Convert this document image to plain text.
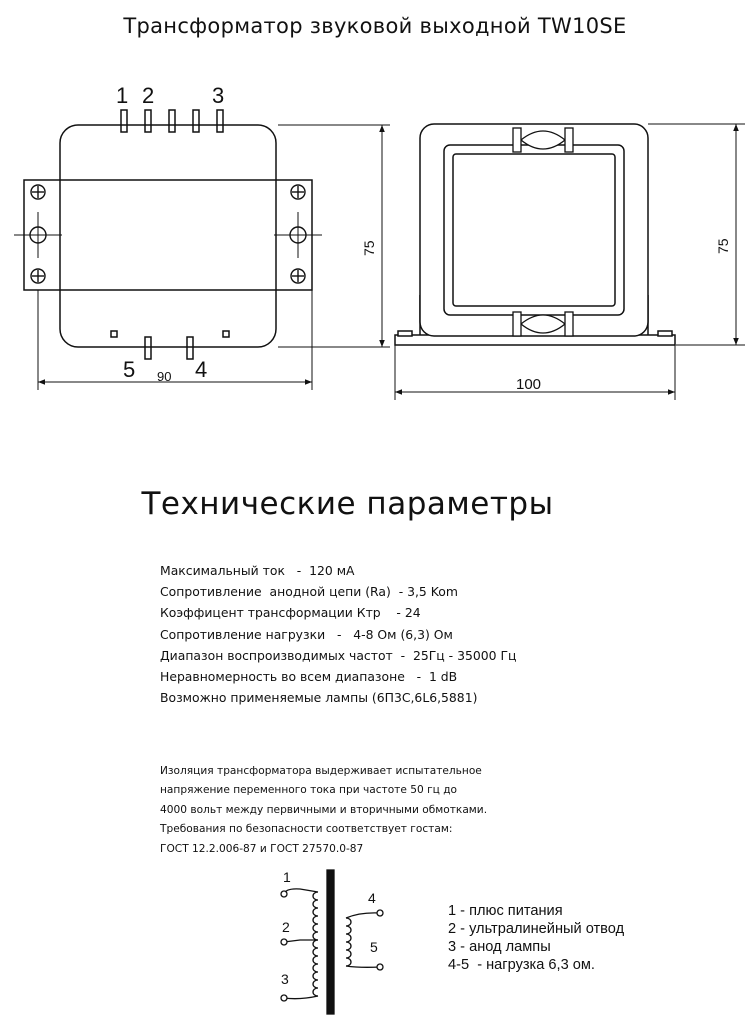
Трансформатор звуковой выходной TW10SE
1 2	3
5	4
90
75	75
100
1
2
3
4
5
Технические параметры
Максимальный ток   -  120 мА
Сопротивление  анодной цепи (Ra)  - 3,5 Kom
Коэффицент трансформации Ктр    - 24
Сопротивление нагрузки   -   4-8 Ом (6,3) Ом
Диапазон воспроизводимых частот  -  25Гц - 35000 Гц
Неравномерность во всем диапазоне   -  1 dB
Возможно применяемые лампы (6П3С,6L6,5881)
Изоляция трансформатора выдерживает испытательное
напряжение переменного тока при частоте 50 гц до
4000 вольт между первичными и вторичными обмотками.
Требования по безопасности соответствует гостам:
ГОСТ 12.2.006-87 и ГОСТ 27570.0-87
1 - плюс питания
2 - ультралинейный отвод
3 - анод лампы
4-5  - нагрузка 6,3 ом.
